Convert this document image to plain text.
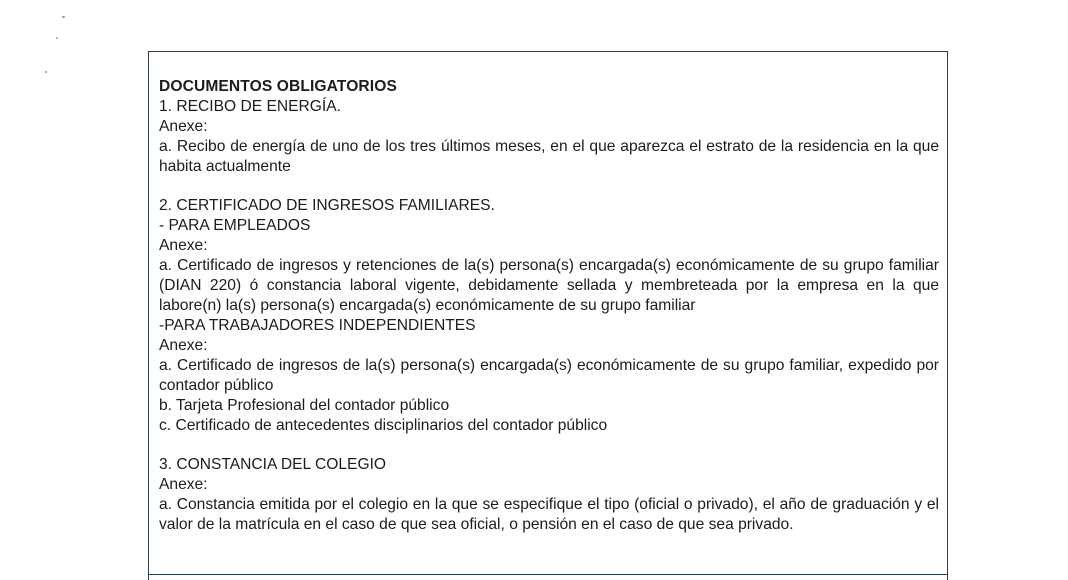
DOCUMENTOS OBLIGATORIOS
1. RECIBO DE ENERGÍA.
Anexe:
a. Recibo de energía de uno de los tres últimos meses, en el que aparezca el estrato de la residencia en la que habita actualmente
2. CERTIFICADO DE INGRESOS FAMILIARES.
- PARA EMPLEADOS
Anexe:
a. Certificado de ingresos y retenciones de la(s) persona(s) encargada(s) económicamente de su grupo familiar (DIAN 220) ó constancia laboral vigente, debidamente sellada y membreteada por la empresa en la que labore(n) la(s) persona(s) encargada(s) económicamente de su grupo familiar
-PARA TRABAJADORES INDEPENDIENTES
Anexe:
a. Certificado de ingresos de la(s) persona(s) encargada(s) económicamente de su grupo familiar, expedido por contador público
b. Tarjeta Profesional del contador público
c. Certificado de antecedentes disciplinarios del contador público
3. CONSTANCIA DEL COLEGIO
Anexe:
a. Constancia emitida por el colegio en la que se especifique el tipo (oficial o privado), el año de graduación y el valor de la matrícula en el caso de que sea oficial, o pensión en el caso de que sea privado.
